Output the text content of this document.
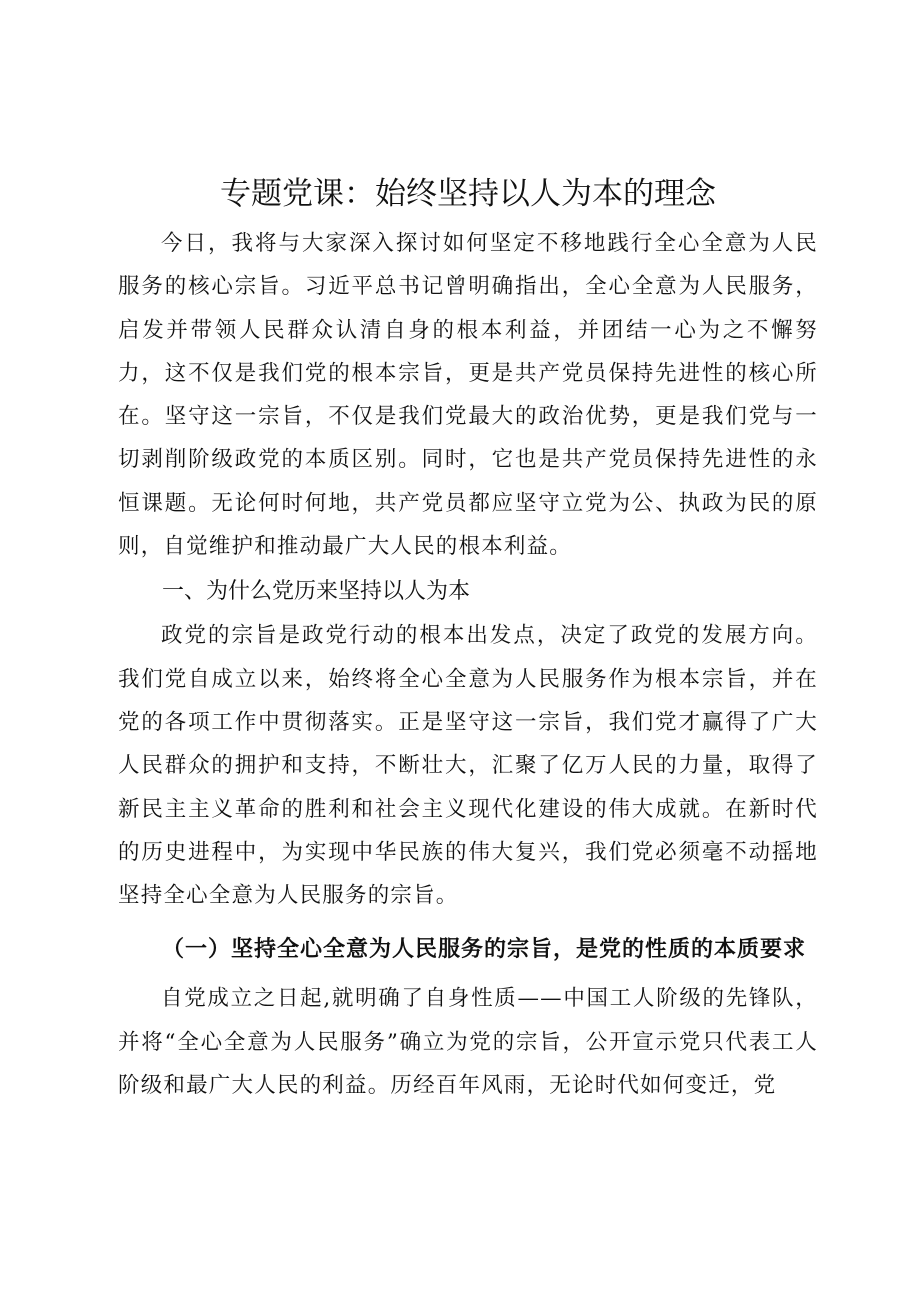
专题党课：始终坚持以人为本的理念

今日，我将与大家深入探讨如何坚定不移地践行全心全意为人民服务的核心宗旨。习近平总书记曾明确指出，全心全意为人民服务，启发并带领人民群众认清自身的根本利益，并团结一心为之不懈努力，这不仅是我们党的根本宗旨，更是共产党员保持先进性的核心所在。坚守这一宗旨，不仅是我们党最大的政治优势，更是我们党与一切剥削阶级政党的本质区别。同时，它也是共产党员保持先进性的永恒课题。无论何时何地，共产党员都应坚守立党为公、执政为民的原则，自觉维护和推动最广大人民的根本利益。

一、为什么党历来坚持以人为本

政党的宗旨是政党行动的根本出发点，决定了政党的发展方向。我们党自成立以来，始终将全心全意为人民服务作为根本宗旨，并在党的各项工作中贯彻落实。正是坚守这一宗旨，我们党才赢得了广大人民群众的拥护和支持，不断壮大，汇聚了亿万人民的力量，取得了新民主主义革命的胜利和社会主义现代化建设的伟大成就。在新时代的历史进程中，为实现中华民族的伟大复兴，我们党必须毫不动摇地坚持全心全意为人民服务的宗旨。

（一）坚持全心全意为人民服务的宗旨，是党的性质的本质要求

自党成立之日起,就明确了自身性质——中国工人阶级的先锋队，并将“全心全意为人民服务”确立为党的宗旨，公开宣示党只代表工人阶级和最广大人民的利益。历经百年风雨，无论时代如何变迁，党
